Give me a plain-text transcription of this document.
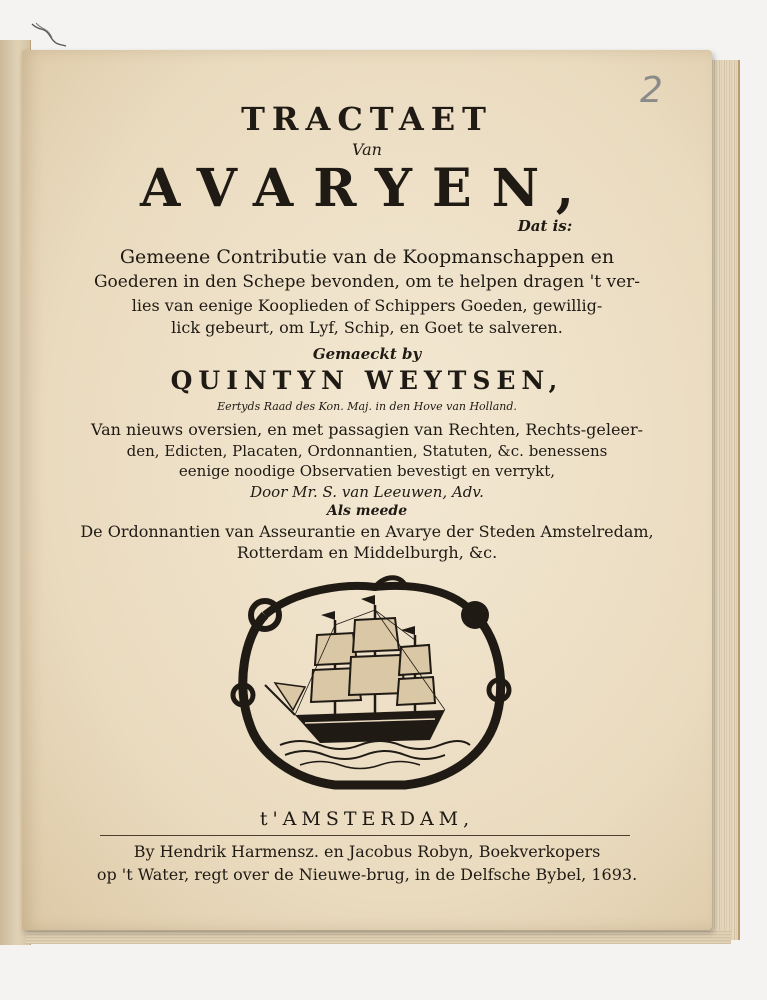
2
TRACTAET
Van
AVARYEN,
Dat is:
Gemeene Contributie van de Koopmanschappen en
Goederen in den Schepe bevonden, om te helpen dragen 't ver-
lies van eenige Kooplieden of Schippers Goeden, gewillig-
lick gebeurt, om Lyf, Schip, en Goet te salveren.
Gemaeckt by
QUINTYN WEYTSEN,
Eertyds Raad des Kon. Maj. in den Hove van Holland.
Van nieuws oversien, en met passagien van Rechten, Rechts-geleer-
den, Edicten, Placaten, Ordonnantien, Statuten, &c. benessens
eenige noodige Observatien bevestigt en verrykt,
Door Mr. S. van Leeuwen, Adv.
Als meede
De Ordonnantien van Asseurantie en Avarye der Steden Amstelredam,
Rotterdam en Middelburgh, &c.
t'AMSTERDAM,
By Hendrik Harmensz. en Jacobus Robyn, Boekverkopers
op 't Water, regt over de Nieuwe-brug, in de Delfsche Bybel, 1693.
